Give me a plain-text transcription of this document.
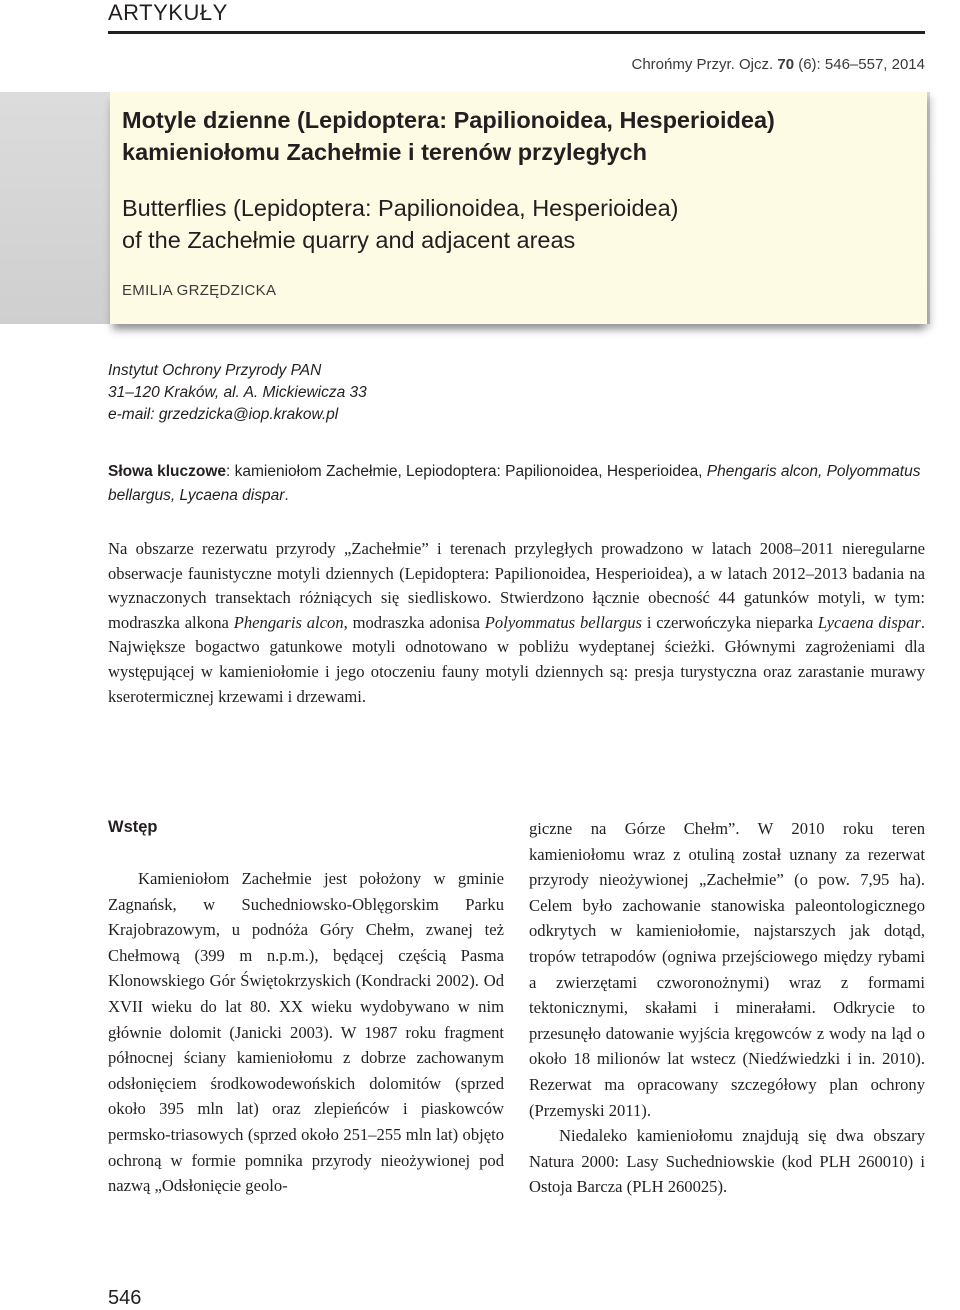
ARTYKUŁY
Chrońmy Przyr. Ojcz. 70 (6): 546–557, 2014
Motyle dzienne (Lepidoptera: Papilionoidea, Hesperioidea)
kamieniołomu Zachełmie i terenów przyległych
Butterflies (Lepidoptera: Papilionoidea, Hesperioidea)
of the Zachełmie quarry and adjacent areas
EMILIA GRZĘDZICKA
Instytut Ochrony Przyrody PAN
31–120 Kraków, al. A. Mickiewicza 33
e-mail: grzedzicka@iop.krakow.pl
Słowa kluczowe: kamieniołom Zachełmie, Lepiodoptera: Papilionoidea, Hesperioidea, Phengaris alcon, Polyommatus bellargus, Lycaena dispar.
Na obszarze rezerwatu przyrody „Zachełmie” i terenach przyległych prowadzono w latach 2008–2011 nieregularne obserwacje faunistyczne motyli dziennych (Lepidoptera: Papilionoidea, Hesperioidea), a w latach 2012–2013 badania na wyznaczonych transektach różniących się siedliskowo. Stwierdzono łącznie obecność 44 gatunków motyli, w tym: modraszka alkona Phengaris alcon, modraszka adonisa Polyommatus bellargus i czerwończyka nieparka Lycaena dispar. Największe bogactwo gatunkowe motyli odnotowano w pobliżu wydeptanej ścieżki. Głównymi zagrożeniami dla występującej w kamieniołomie i jego otoczeniu fauny motyli dziennych są: presja turystyczna oraz zarastanie murawy kserotermicznej krzewami i drzewami.
Wstęp

Kamieniołom Zachełmie jest położony w gminie Zagnańsk, w Suchedniowsko-Oblęgorskim Parku Krajobrazowym, u podnóża Góry Chełm, zwanej też Chełmową (399 m n.p.m.), będącej częścią Pasma Klonowskiego Gór Świętokrzyskich (Kondracki 2002). Od XVII wieku do lat 80. XX wieku wydobywano w nim głównie dolomit (Janicki 2003). W 1987 roku fragment północnej ściany kamieniołomu z dobrze zachowanym odsłonięciem środkowodewońskich dolomitów (sprzed około 395 mln lat) oraz zlepieńców i piaskowców permsko-triasowych (sprzed około 251–255 mln lat) objęto ochroną w formie pomnika przyrody nieożywionej pod nazwą „Odsłonięcie geolo-

giczne na Górze Chełm”. W 2010 roku teren kamieniołomu wraz z otuliną został uznany za rezerwat przyrody nieożywionej „Zachełmie” (o pow. 7,95 ha). Celem było zachowanie stanowiska paleontologicznego odkrytych w kamieniołomie, najstarszych jak dotąd, tropów tetrapodów (ogniwa przejściowego między rybami a zwierzętami czworonożnymi) wraz z formami tektonicznymi, skałami i minerałami. Odkrycie to przesunęło datowanie wyjścia kręgowców z wody na ląd o około 18 milionów lat wstecz (Niedźwiedzki i in. 2010). Rezerwat ma opracowany szczegółowy plan ochrony (Przemyski 2011).

Niedaleko kamieniołomu znajdują się dwa obszary Natura 2000: Lasy Suchedniowskie (kod PLH 260010) i Ostoja Barcza (PLH 260025).

546
